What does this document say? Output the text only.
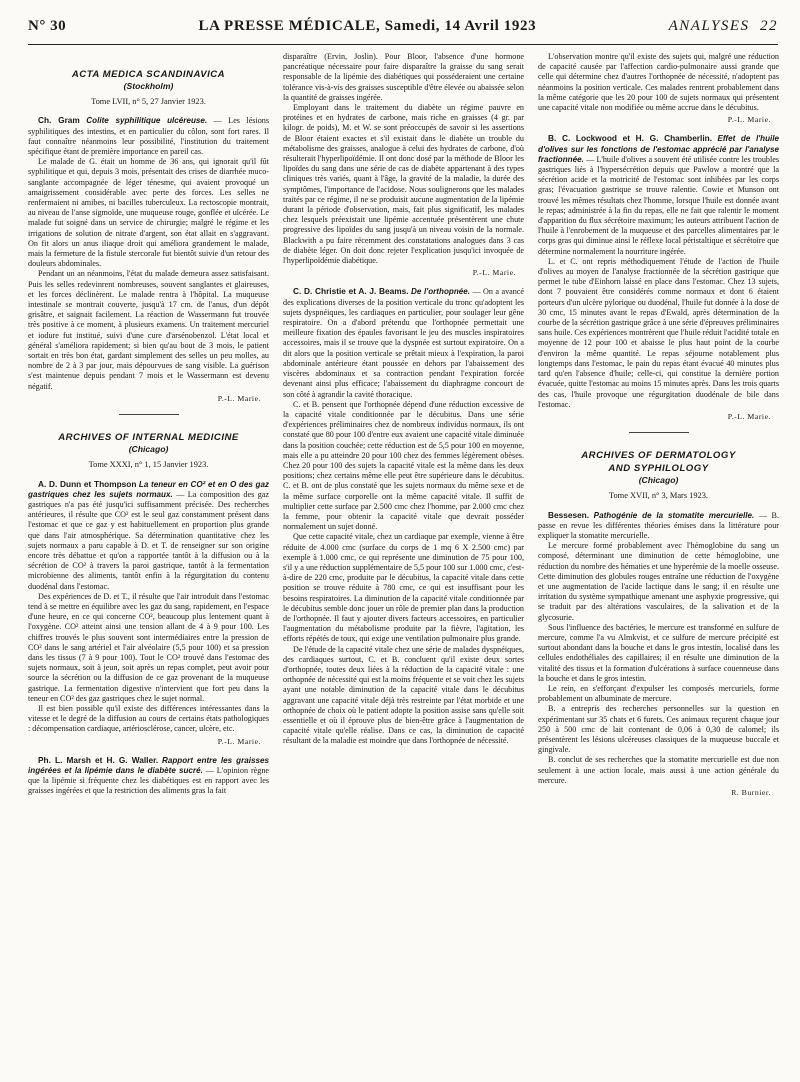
N° 30	LA PRESSE MÉDICALE, Samedi, 14 Avril 1923	ANALYSES 22
ACTA MEDICA SCANDINAVICA
(Stockholm)
Tome LVII, n° 5, 27 Janvier 1923.

Ch. Gram Colite syphilitique ulcéreuse. — Les lésions syphilitiques des intestins, et en particulier du côlon, sont fort rares. Il faut connaître néanmoins leur possibilité, l'institution du traitement spécifique étant de première importance en pareil cas.

Le malade de G. était un homme de 36 ans, qui ignorait qu'il fût syphilitique et qui, depuis 3 mois, présentait des crises de diarrhée muco-sanglante accompagnée de léger ténesme, qui avaient provoqué un amaigrissement considérable avec perte des forces. Les selles ne renfermaient ni amibes, ni bacilles tuberculeux. La rectoscopie montrait, au niveau de l'anse sigmoïde, une muqueuse rouge, gonflée et ulcérée. Le malade fut soigné dans un service de chirurgie; malgré le régime et les irrigations de solution de nitrate d'argent, son état allait en s'aggravant. On fit alors un anus iliaque droit qui améliora grandement le malade, mais la fermeture de la fistule stercorale fut bientôt suivie d'un retour des douleurs abdominales.

Pendant un an néanmoins, l'état du malade demeura assez satisfaisant. Puis les selles redevinrent nombreuses, souvent sanglantes et glaireuses, et les forces déclinèrent. Le malade rentra à l'hôpital. La muqueuse intestinale se montrait couverte, jusqu'à 17 cm. de l'anus, d'un dépôt grisâtre, et saignait facilement. La réaction de Wassermann fut trouvée très positive à ce moment, à plusieurs examens. Un traitement mercuriel et iodure fut institué, suivi d'une cure d'arsénobenzol. L'état local et général s'améliora rapidement; si bien qu'au bout de 3 mois, le patient sortait en très bon état, gardant simplement des selles un peu molles, au nombre de 2 à 3 par jour, mais dépourvues de sang visible. La guérison s'est maintenue depuis pendant 7 mois et le Wassermann est devenu négatif.

P.-L. Marie.
ARCHIVES OF INTERNAL MEDICINE
(Chicago)
Tome XXXI, n° 1, 15 Janvier 1923.

A. D. Dunn et Thompson La teneur en CO² et en O des gaz gastriques chez les sujets normaux. — La composition des gaz gastriques n'a pas été jusqu'ici suffisamment précisée. Des recherches antérieures, il résulte que CO² est le seul gaz constamment présent dans l'estomac et que ce gaz y est habituellement en proportion plus grande que dans l'air atmosphérique. Sa détermination quantitative chez les sujets normaux a paru capable à D. et T. de renseigner sur son origine encore très débattue et qu'on a rapportée tantôt à la diffusion ou à la sécrétion de CO² à travers la paroi gastrique, tantôt à la fermentation microbienne des aliments, tantôt enfin à la régurgitation du contenu duodénal dans l'estomac.

Des expériences de D. et T., il résulte que l'air introduit dans l'estomac tend à se mettre en équilibre avec les gaz du sang, rapidement, en l'espace d'une heure, en ce qui concerne CO², beaucoup plus lentement quant à l'oxygène. CO² atteint ainsi une tension allant de 4 à 9 pour 100. Les chiffres trouvés le plus souvent sont intermédiaires entre la pression de CO² dans le sang artériel et l'air alvéolaire (5,5 pour 100) et sa pression dans les tissus (7 à 9 pour 100). Tout le CO² trouvé dans l'estomac des sujets normaux, soit à jeun, soit après un repas complet, peut avoir pour source la sécrétion ou la diffusion de ce gaz provenant de la muqueuse gastrique. La fermentation digestive n'intervient que fort peu dans la teneur en CO² des gaz gastriques chez le sujet normal.

Il est bien possible qu'il existe des différences intéressantes dans la vitesse et le degré de la diffusion au cours de certains états pathologiques : décompensation cardiaque, artériosclérose, cancer, ulcère, etc.

P.-L. Marie.

Ph. L. Marsh et H. G. Waller. Rapport entre les graisses ingérées et la lipémie dans le diabète sucré. — L'opinion règne que la lipémie si fréquente chez les diabétiques est en rapport avec les graisses ingérées et que la restriction des aliments gras la fait

disparaître (Ervin, Joslin). Pour Bloor, l'absence d'une hormone pancréatique nécessaire pour faire disparaître la graisse du sang serait responsable de la lipémie des diabétiques qui posséderaient une certaine tolérance vis-à-vis des graisses susceptible d'être élevée ou abaissée selon la quantité de graisses ingérée.

Employant dans le traitement du diabète un régime pauvre en protéines et en hydrates de carbone, mais riche en graisses (4 gr. par kilogr. de poids), M. et W. se sont préoccupés de savoir si les assertions de Bloor étaient exactes et s'il existait dans le diabète un trouble du métabolisme des graisses, analogue à celui des hydrates de carbone, d'où résulterait l'hyperlipoïdémie. Il ont donc dosé par la méthode de Bloor les lipoïdes du sang dans une série de cas de diabète appartenant à des types cliniques très variés, quant à l'âge, la gravité de la maladie, la durée des symptômes, l'importance de l'acidose. Nous soulignerons que les malades traités par ce régime, il ne se produisit aucune augmentation de la lipémie durant la période d'observation, mais, fait plus significatif, les malades chez lesquels préexistait une lipémie accentuée présentèrent une chute progressive des lipoïdes du sang jusqu'à un niveau voisin de la normale. Blackwith a pu faire récemment des constatations analogues dans 3 cas de diabète léger. On doit donc rejeter l'explication jusqu'ici invoquée de l'hyperlipoïdémie diabétique.

P.-L. Marie.

C. D. Christie et A. J. Beams. De l'orthopnée. — On a avancé des explications diverses de la position verticale du tronc qu'adoptent les sujets dyspnéiques, les cardiaques en particulier, pour soulager leur gêne respiratoire. On a d'abord prétendu que l'orthopnée permettait une meilleure fixation des épaules favorisant le jeu des muscles inspiratoires accessoires, mais il se trouve que la dyspnée est surtout expiratoire. On a dit alors que la position verticale se prêtait mieux à l'expiration, la paroi abdominale antérieure étant poussée en dehors par l'abaissement des viscères abdominaux et sa contraction pendant l'expiration forcée devenant ainsi plus efficace; l'abaissement du diaphragme concourt de son côté à agrandir la cavité thoracique.

C. et B. pensent que l'orthopnée dépend d'une réduction excessive de la capacité vitale conditionnée par le décubitus. Dans une série d'expériences préliminaires chez de nombreux individus normaux, ils ont constaté que 80 pour 100 d'entre eux avaient une capacité vitale diminuée dans la position couchée; cette réduction est de 5,5 pour 100 en moyenne, mais elle a pu atteindre 20 pour 100 chez des femmes légèrement obèses. Chez 20 pour 100 des sujets la capacité vitale est la même dans les deux positions; chez certains même elle peut être supérieure dans le décubitus. C. et B. ont de plus constaté que les sujets normaux du même sexe et de la même surface corporelle ont la même capacité vitale. Il suffit de multiplier cette surface par 2.500 cmc chez l'homme, par 2.000 cmc chez la femme, pour obtenir la capacité vitale que devrait posséder normalement un sujet donné.

Que cette capacité vitale, chez un cardiaque par exemple, vienne à être réduite de 4.000 cmc (surface du corps de 1 mq 6 X 2.500 cmc) par exemple à 1.000 cmc, ce qui représente une diminution de 75 pour 100, s'il y a une réduction supplémentaire de 5,5 pour 100 sur 1.000 cmc, c'est-à-dire de 220 cmc, produite par le décubitus, la capacité vitale dans cette position se trouve réduite à 780 cmc, ce qui est insuffisant pour les besoins respiratoires. La diminution de la capacité vitale conditionnée par le décubitus semble donc jouer un rôle de premier plan dans la production de l'orthopnée. Il faut y ajouter divers facteurs accessoires, en particulier l'augmentation du métabolisme produite par la fièvre, l'agitation, les efforts répétés de toux, qui exige une ventilation pulmonaire plus grande.

De l'étude de la capacité vitale chez une série de malades dyspnéiques, des cardiaques surtout, C. et B. concluent qu'il existe deux sortes d'orthopnée, toutes deux liées à la réduction de la capacité vitale : une orthopnée de nécessité qui est la moins fréquente et se voit chez les sujets ayant une notable diminution de la capacité vitale dans le décubitus aggravant une capacité vitale déjà très restreinte par l'état morbide et une orthopnée de choix où le patient adopte la position assise sans qu'elle soit essentielle et où il éprouve plus de bien-être grâce à l'augmentation de capacité vitale qu'elle réalise. Dans ce cas, la diminution de capacité résultant de la maladie est moindre que dans l'orthopnée de nécessité.

L'observation montre qu'il existe des sujets qui, malgré une réduction de capacité causée par l'affection cardio-pulmonaire aussi grande que celle qui détermine chez d'autres l'orthopnée de nécessité, n'adoptent pas néanmoins la position verticale. Ces malades rentrent probablement dans la même catégorie que les 20 pour 100 de sujets normaux qui présentent une capacité vitale non modifiée ou même accrue dans le décubitus.

P.-L. Marie.

B. C. Lockwood et H. G. Chamberlin. Effet de l'huile d'olives sur les fonctions de l'estomac apprécié par l'analyse fractionnée. — L'huile d'olives a souvent été utilisée contre les troubles gastriques liés à l'hypersécrétion depuis que Pawlow a montré que la sécrétion acide et la motricité de l'estomac sont inhibées par les corps gras; l'évacuation gastrique se trouve ralentie. Cowie et Munson ont trouvé les mêmes résultats chez l'homme, lorsque l'huile est donnée avant le repas; administrée à la fin du repas, elle ne fait que ralentir le moment d'apparition du flux sécrétoire maximum; les auteurs attribuent l'action de l'huile à l'enrobement de la muqueuse et des parcelles alimentaires par le corps gras qui diminue ainsi le réflexe local péristaltique et sécrétoire que détermine normalement la nourriture ingérée.

L. et C. ont repris méthodiquement l'étude de l'action de l'huile d'olives au moyen de l'analyse fractionnée de la sécrétion gastrique que permet le tube d'Einhorn laissé en place dans l'estomac. Chez 13 sujets, dont 7 pouvaient être considérés comme normaux et dont 6 étaient porteurs d'un ulcère pylorique ou duodénal, l'huile fut donnée à la dose de 30 cmc, 15 minutes avant le repas d'Ewald, après détermination de la courbe de la sécrétion gastrique grâce à une série d'épreuves préliminaires sans huile. Ces expériences montrèrent que l'huile réduit l'acidité totale en moyenne de 12 pour 100 et abaisse le plus haut point de la courbe d'environ la même quantité. Le repas séjourne notablement plus longtemps dans l'estomac, le pain du repas étant évacué 40 minutes plus tard qu'en l'absence d'huile; celle-ci, qui constitue la dernière portion évacuée, quitte l'estomac au moins 15 minutes après. Dans les trois quarts des cas, l'huile provoque une régurgitation duodénale de bile dans l'estomac.

P.-L. Marie.
ARCHIVES OF DERMATOLOGY
AND SYPHILOLOGY
(Chicago)
Tome XVII, n° 3, Mars 1923.

Bessesen. Pathogénie de la stomatite mercurielle. — B. passe en revue les différentes théories émises dans la littérature pour expliquer la stomatite mercurielle.

Le mercure formé probablement avec l'hémoglobine du sang un composé, déterminant une diminution de cette hémoglobine, une réduction du nombre des hématies et une hyperémie de la moelle osseuse. Cette diminution des globules rouges entraîne une réduction de l'oxygène et une augmentation de l'acide lactique dans le sang; il en résulte une irritation du système sympathique amenant une asphyxie progressive, qui se traduit par des altérations vasculaires, de la salivation et de la glycosurie.

Sous l'influence des bactéries, le mercure est transformé en sulfure de mercure, comme l'a vu Almkvist, et ce sulfure de mercure précipité est surtout abondant dans la bouche et dans le gros intestin, localisé dans les cellules endothéliales des capillaires; il en résulte une diminution de la vitalité des tissus et la formation d'ulcérations à surface couenneuse dans la bouche et dans le gros intestin.

Le rein, en s'efforçant d'expulser les composés mercuriels, forme probablement un albuminate de mercure.

B. a entrepris des recherches personnelles sur la question en expérimentant sur 35 chats et 6 furets. Ces animaux reçurent chaque jour 250 à 500 cmc de lait contenant de 0,06 à 0,30 de calomel; ils présentèrent les lésions ulcéreuses classiques de la muqueuse buccale et gingivale.

B. conclut de ses recherches que la stomatite mercurielle est due non seulement à une action locale, mais aussi à une action générale du mercure.

R. Burnier.
